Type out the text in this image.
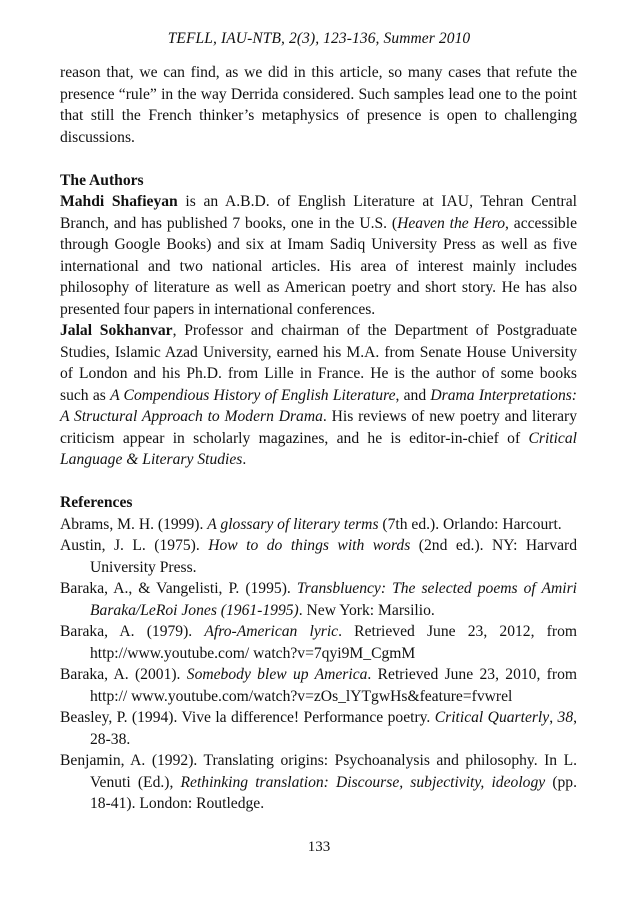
TEFLL, IAU-NTB, 2(3), 123-136, Summer 2010

reason that, we can find, as we did in this article, so many cases that refute the presence “rule” in the way Derrida considered. Such samples lead one to the point that still the French thinker’s metaphysics of presence is open to challenging discussions.

The Authors

Mahdi Shafieyan is an A.B.D. of English Literature at IAU, Tehran Central Branch, and has published 7 books, one in the U.S. (Heaven the Hero, accessible through Google Books) and six at Imam Sadiq University Press as well as five international and two national articles. His area of interest mainly includes philosophy of literature as well as American poetry and short story. He has also presented four papers in international conferences.

Jalal Sokhanvar, Professor and chairman of the Department of Postgraduate Studies, Islamic Azad University, earned his M.A. from Senate House University of London and his Ph.D. from Lille in France. He is the author of some books such as A Compendious History of English Literature, and Drama Interpretations: A Structural Approach to Modern Drama. His reviews of new poetry and literary criticism appear in scholarly magazines, and he is editor-in-chief of Critical Language & Literary Studies.

References

Abrams, M. H. (1999). A glossary of literary terms (7th ed.). Orlando: Harcourt.

Austin, J. L. (1975). How to do things with words (2nd ed.). NY: Harvard University Press.

Baraka, A., & Vangelisti, P. (1995). Transbluency: The selected poems of Amiri Baraka/LeRoi Jones (1961-1995). New York: Marsilio.

Baraka, A. (1979). Afro-American lyric. Retrieved June 23, 2012, from http://www.youtube.com/ watch?v=7qyi9M_CgmM

Baraka, A. (2001). Somebody blew up America. Retrieved June 23, 2010, from http:// www.youtube.com/watch?v=zOs_lYTgwHs&feature=fvwrel

Beasley, P. (1994). Vive la difference! Performance poetry. Critical Quarterly, 38, 28-38.

Benjamin, A. (1992). Translating origins: Psychoanalysis and philosophy. In L. Venuti (Ed.), Rethinking translation: Discourse, subjectivity, ideology (pp. 18-41). London: Routledge.

133
